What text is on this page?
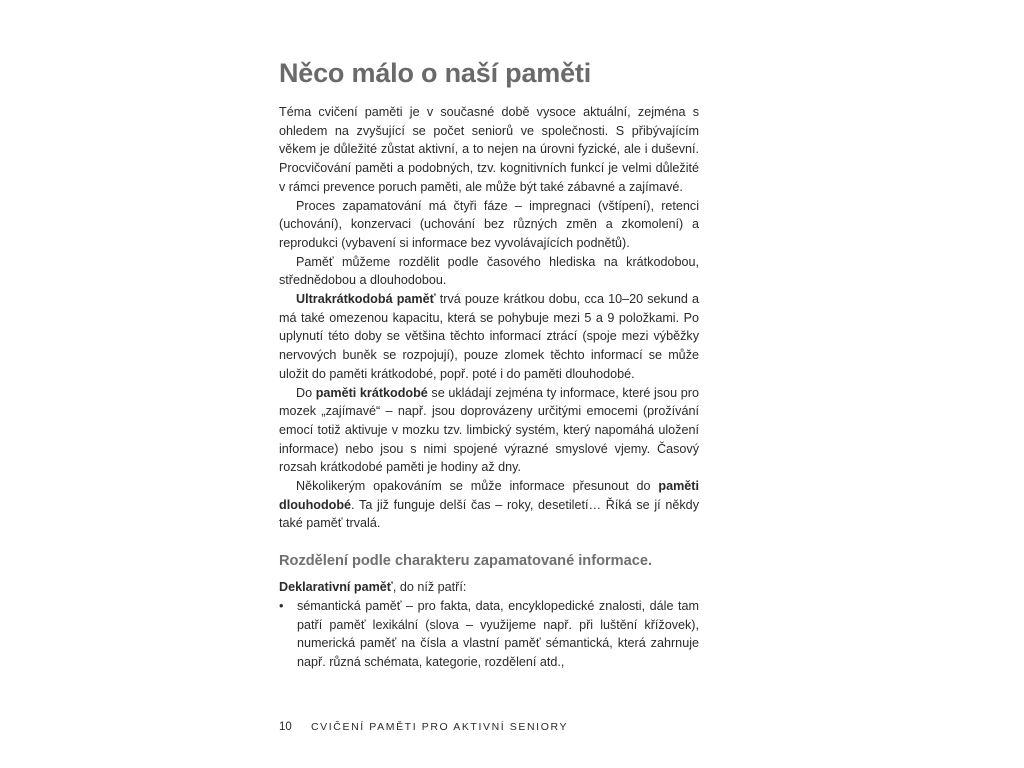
Něco málo o naší paměti

Téma cvičení paměti je v současné době vysoce aktuální, zejména s ohledem na zvyšující se počet seniorů ve společnosti. S přibývajícím věkem je důležité zůstat aktivní, a to nejen na úrovni fyzické, ale i duševní. Procvičování paměti a podobných, tzv. kognitivních funkcí je velmi důležité v rámci prevence poruch paměti, ale může být také zábavné a zajímavé.

Proces zapamatování má čtyři fáze – impregnaci (vštípení), retenci (uchování), konzervaci (uchování bez různých změn a zkomolení) a reprodukci (vybavení si informace bez vyvolávajících podnětů).

Paměť můžeme rozdělit podle časového hlediska na krátkodobou, střednědobou a dlouhodobou.

Ultrakrátkodobá paměť trvá pouze krátkou dobu, cca 10–20 sekund a má také omezenou kapacitu, která se pohybuje mezi 5 a 9 položkami. Po uplynutí této doby se většina těchto informací ztrácí (spoje mezi výběžky nervových buněk se rozpojují), pouze zlomek těchto informací se může uložit do paměti krátkodobé, popř. poté i do paměti dlouhodobé.

Do paměti krátkodobé se ukládají zejména ty informace, které jsou pro mozek „zajímavé“ – např. jsou doprovázeny určitými emocemi (prožívání emocí totiž aktivuje v mozku tzv. limbický systém, který napomáhá uložení informace) nebo jsou s nimi spojené výrazné smyslové vjemy. Časový rozsah krátkodobé paměti je hodiny až dny.

Několikerým opakováním se může informace přesunout do paměti dlouhodobé. Ta již funguje delší čas – roky, desetiletí… Říká se jí někdy také paměť trvalá.

Rozdělení podle charakteru zapamatované informace.

Deklarativní paměť, do níž patří:

• sémantická paměť – pro fakta, data, encyklopedické znalosti, dále tam patří paměť lexikální (slova – využijeme např. při luštění křížovek), numerická paměť na čísla a vlastní paměť sémantická, která zahrnuje např. různá schémata, kategorie, rozdělení atd.,
10 CVIČENÍ PAMĚTI PRO AKTIVNÍ SENIORY
